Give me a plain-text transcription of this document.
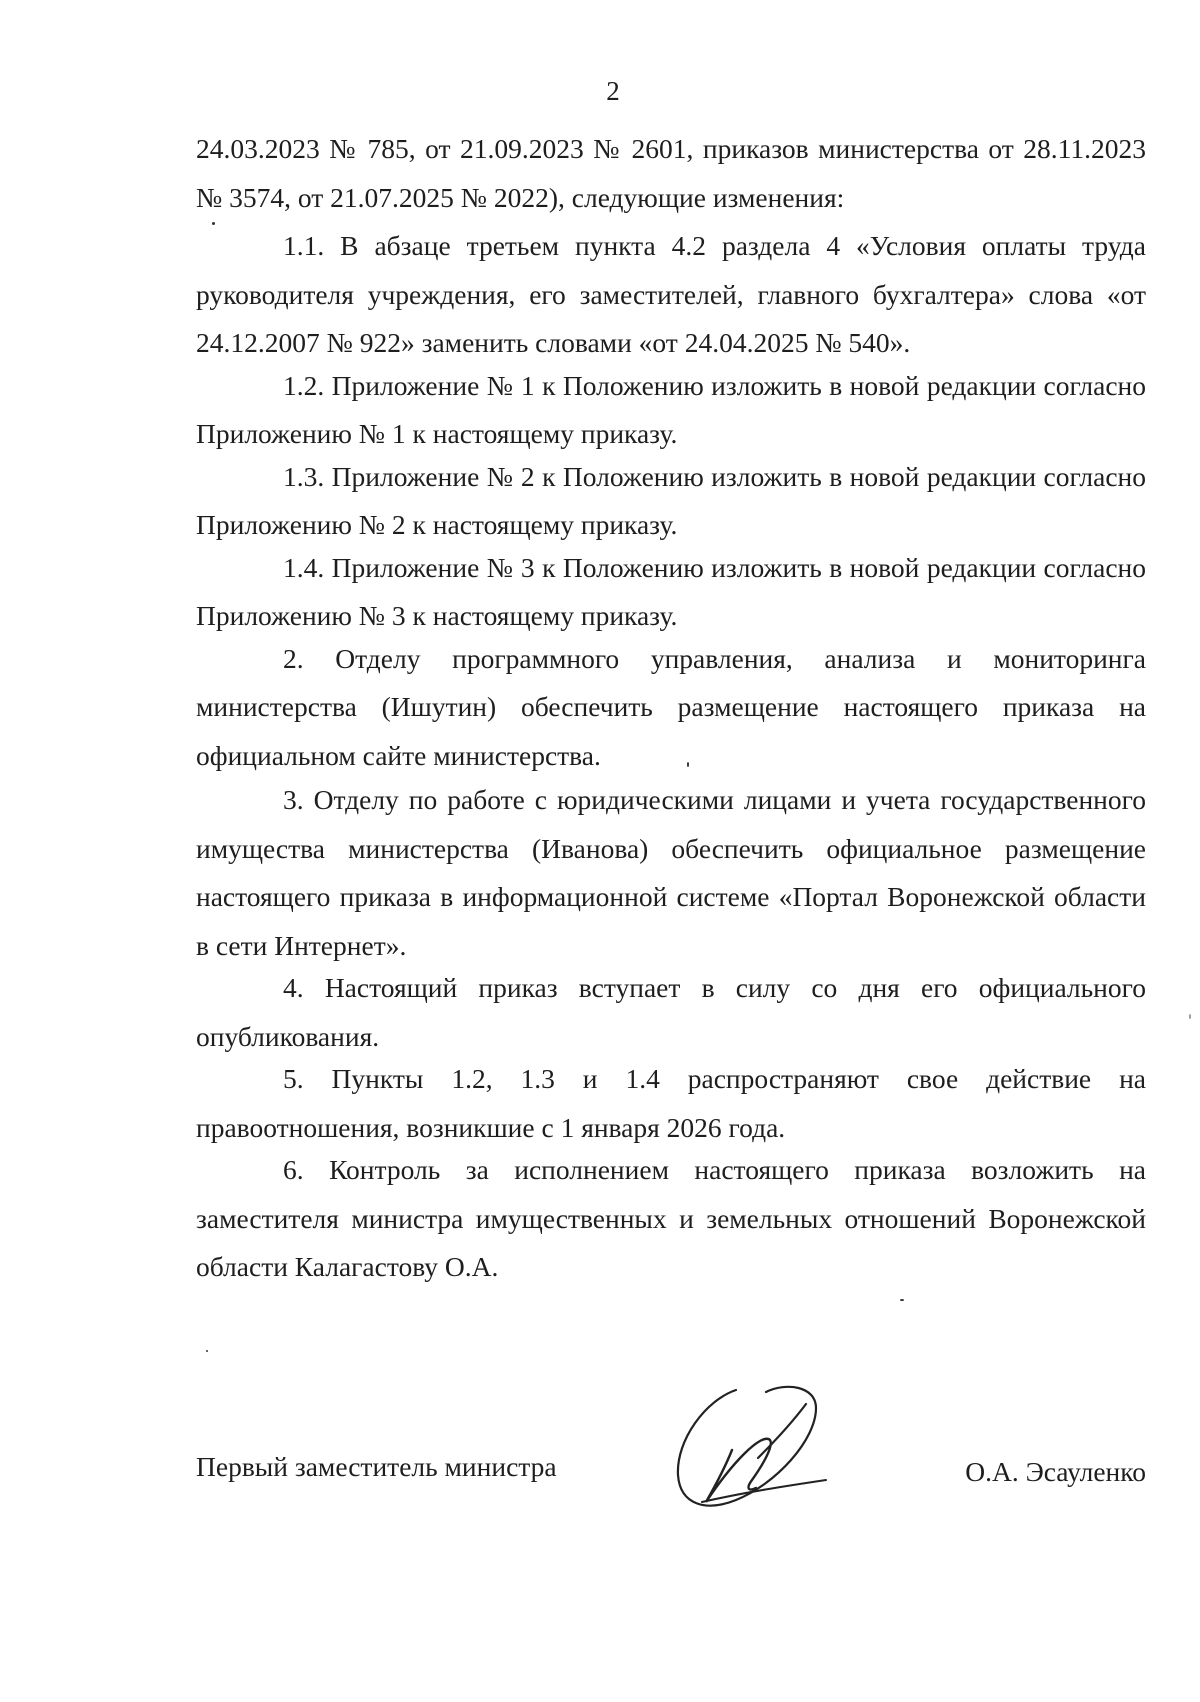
2

24.03.2023 № 785, от 21.09.2023 № 2601, приказов министерства от 28.11.2023 № 3574, от 21.07.2025 № 2022), следующие изменения:

1.1. В абзаце третьем пункта 4.2 раздела 4 «Условия оплаты труда руководителя учреждения, его заместителей, главного бухгалтера» слова «от 24.12.2007 № 922» заменить словами «от 24.04.2025 № 540».

1.2. Приложение № 1 к Положению изложить в новой редакции согласно Приложению № 1 к настоящему приказу.

1.3. Приложение № 2 к Положению изложить в новой редакции согласно Приложению № 2 к настоящему приказу.

1.4. Приложение № 3 к Положению изложить в новой редакции согласно Приложению № 3 к настоящему приказу.

2. Отделу программного управления, анализа и мониторинга министерства (Ишутин) обеспечить размещение настоящего приказа на официальном сайте министерства.

3. Отделу по работе с юридическими лицами и учета государственного имущества министерства (Иванова) обеспечить официальное размещение настоящего приказа в информационной системе «Портал Воронежской области в сети Интернет».

4. Настоящий приказ вступает в силу со дня его официального опубликования.

5. Пункты 1.2, 1.3 и 1.4 распространяют свое действие на правоотношения, возникшие с 1 января 2026 года.

6. Контроль за исполнением настоящего приказа возложить на заместителя министра имущественных и земельных отношений Воронежской области Калагастову О.А.

Первый заместитель министра	О.А. Эсауленко
